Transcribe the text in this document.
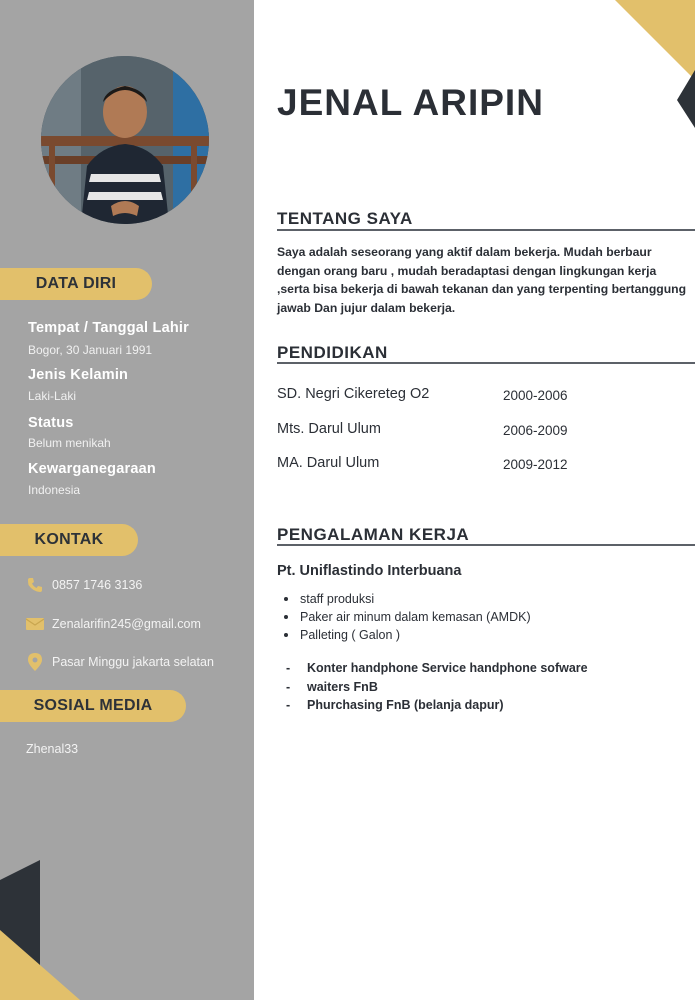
DATA DIRI
Tempat / Tanggal Lahir
Bogor, 30 Januari 1991
Jenis Kelamin
Laki-Laki
Status
Belum menikah
Kewarganegaraan
Indonesia
KONTAK
0857 1746 3136
Zenalarifin245@gmail.com
Pasar Minggu jakarta selatan
SOSIAL MEDIA
Zhenal33
JENAL ARIPIN
TENTANG SAYA
Saya adalah seseorang yang aktif dalam bekerja. Mudah berbaur dengan orang baru , mudah beradaptasi dengan lingkungan kerja ,serta bisa bekerja di bawah tekanan dan yang terpenting bertanggung jawab Dan jujur dalam bekerja.
PENDIDIKAN
SD. Negri Cikereteg O2	2000-2006
Mts. Darul Ulum	2006-2009
MA. Darul Ulum	2009-2012
PENGALAMAN KERJA
Pt. Uniflastindo Interbuana
staff produksi
Paker air minum dalam kemasan (AMDK)
Palleting ( Galon )
- Konter handphone Service handphone sofware
- waiters FnB
- Phurchasing FnB (belanja dapur)
